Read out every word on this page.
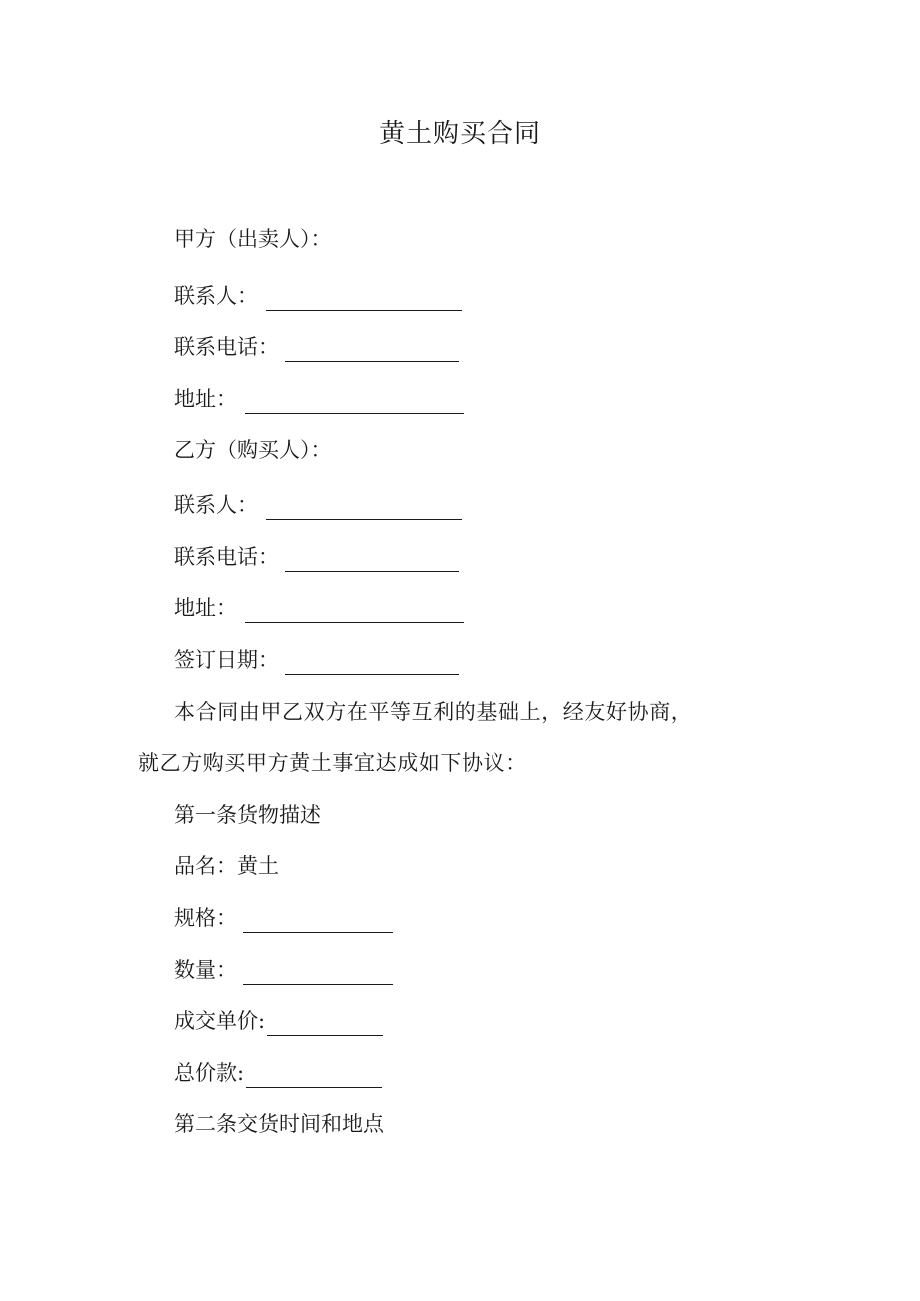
黄土购买合同
甲方（出卖人）：
联系人：
联系电话：
地址：
乙方（购买人）：
联系人：
联系电话：
地址：
签订日期：
本合同由甲乙双方在平等互利的基础上，经友好协商，
就乙方购买甲方黄土事宜达成如下协议：
第一条货物描述
品名：黄土
规格：
数量：
成交单价:
总价款:
第二条交货时间和地点
